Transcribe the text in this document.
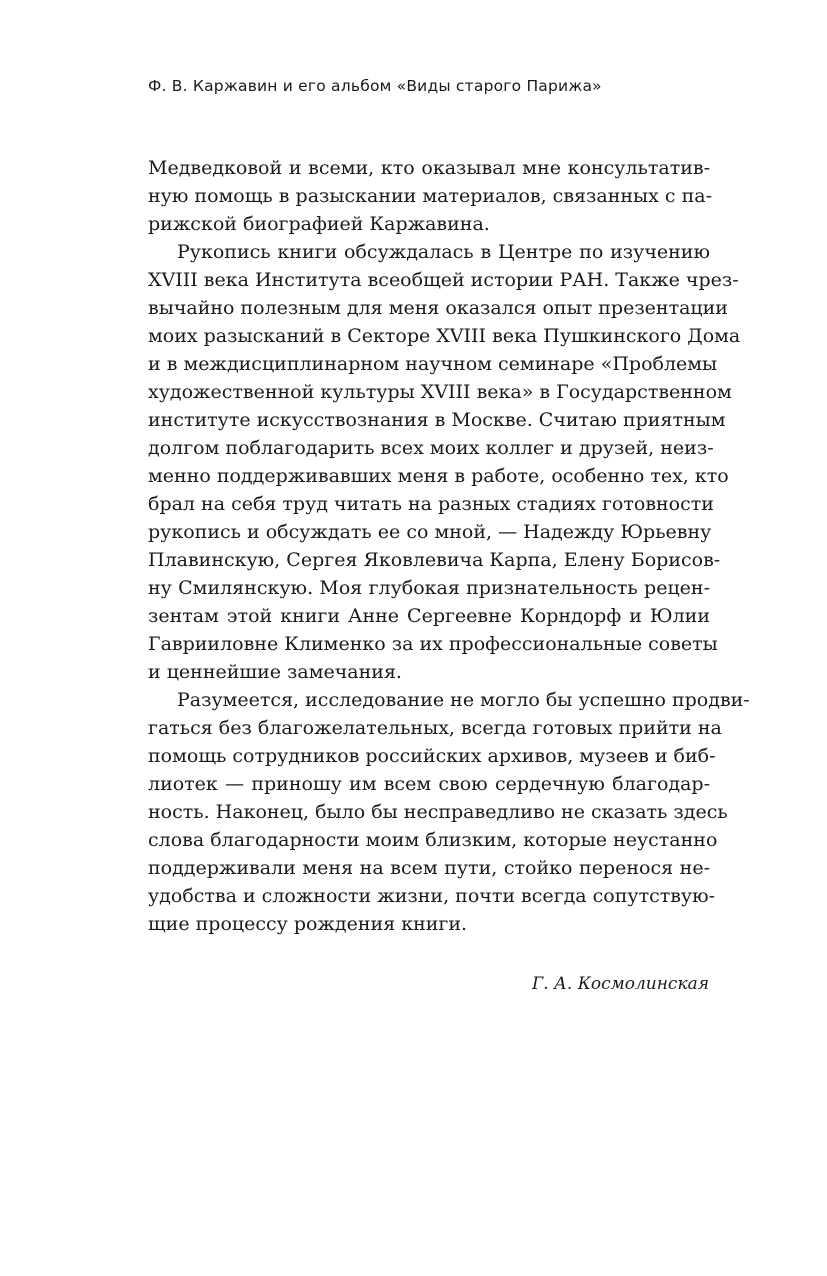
Ф. В. Каржавин и его альбом «Виды старого Парижа»
Медведковой и всеми, кто оказывал мне консультатив-
ную помощь в разыскании материалов, связанных с па-
рижской биографией Каржавина.
Рукопись книги обсуждалась в Центре по изучению
XVIII века Института всеобщей истории РАН. Также чрез-
вычайно полезным для меня оказался опыт презентации
моих разысканий в Секторе XVIII века Пушкинского Дома
и в междисциплинарном научном семинаре «Проблемы
художественной культуры XVIII века» в Государственном
институте искусствознания в Москве. Считаю приятным
долгом поблагодарить всех моих коллег и друзей, неиз-
менно поддерживавших меня в работе, особенно тех, кто
брал на себя труд читать на разных стадиях готовности
рукопись и обсуждать ее со мной, — Надежду Юрьевну
Плавинскую, Сергея Яковлевича Карпа, Елену Борисов-
ну Смилянскую. Моя глубокая признательность рецен-
зентам этой книги Анне Сергеевне Корндорф и Юлии
Гаврииловне Клименко за их профессиональные советы
и ценнейшие замечания.
Разумеется, исследование не могло бы успешно продви-
гаться без благожелательных, всегда готовых прийти на
помощь сотрудников российских архивов, музеев и биб-
лиотек — приношу им всем свою сердечную благодар-
ность. Наконец, было бы несправедливо не сказать здесь
слова благодарности моим близким, которые неустанно
поддерживали меня на всем пути, стойко перенося не-
удобства и сложности жизни, почти всегда сопутствую-
щие процессу рождения книги.
Г. А. Космолинская
